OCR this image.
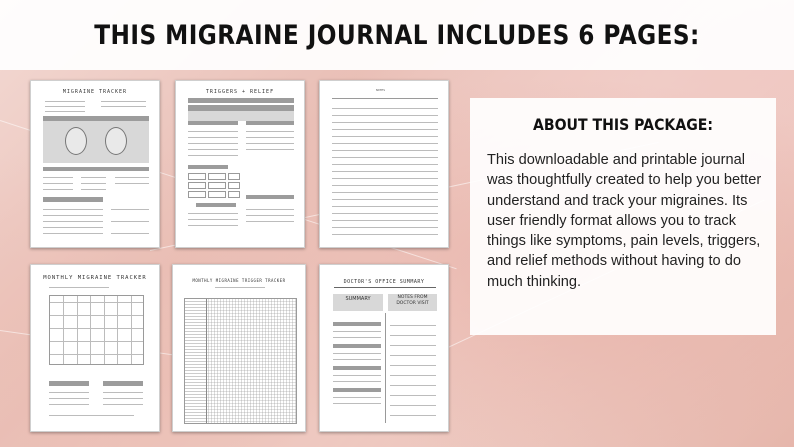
THIS MIGRAINE JOURNAL INCLUDES 6 PAGES:
MIGRAINE TRACKER	TRIGGERS + RELIEF	NOTES
MONTHLY MIGRAINE TRACKER	MONTHLY MIGRAINE TRIGGER TRACKER	DOCTOR'S OFFICE SUMMARY
SUMMARY	NOTES FROM DOCTOR VISIT
ABOUT THIS PACKAGE:

This downloadable and printable journal was thoughtfully created to help you better understand and track your migraines. Its user friendly format allows you to track things like symptoms, pain levels, triggers, and relief methods without having to do much thinking.
